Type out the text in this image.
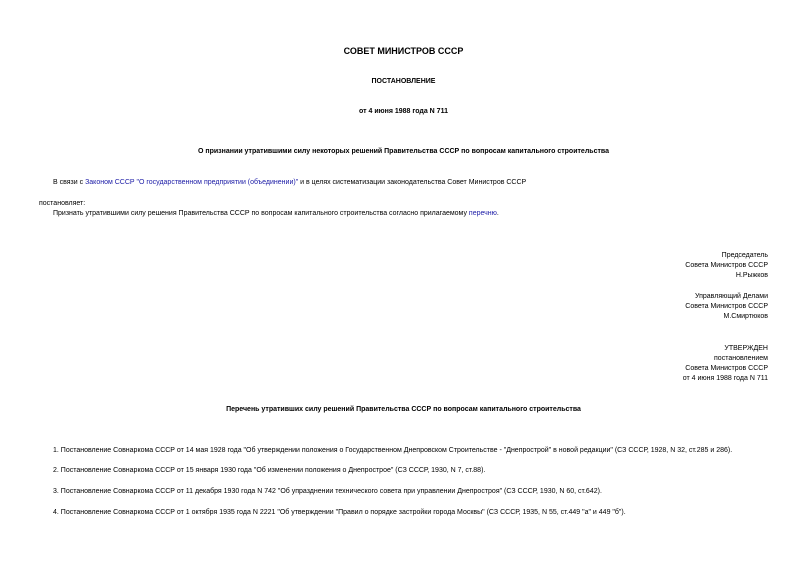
СОВЕТ МИНИСТРОВ СССР
ПОСТАНОВЛЕНИЕ
от 4 июня 1988 года N 711
О признании утратившими силу некоторых решений Правительства СССР по вопросам капитального строительства
В связи с Законом СССР "О государственном предприятии (объединении)" и в целях систематизации законодательства Совет Министров СССР
постановляет:
Признать утратившими силу решения Правительства СССР по вопросам капитального строительства согласно прилагаемому перечню.
Председатель
Совета Министров СССР
Н.Рыжков
Управляющий Делами
Совета Министров СССР
М.Смиртюков
УТВЕРЖДЕН
постановлением
Совета Министров СССР
от 4 июня 1988 года N 711
Перечень утративших силу решений Правительства СССР по вопросам капитального строительства
1. Постановление Совнаркома СССР от 14 мая 1928 года "Об утверждении положения о Государственном Днепровском Строительстве - "Днепрострой" в новой редакции" (СЗ СССР, 1928, N 32, ст.285 и 286).
2. Постановление Совнаркома СССР от 15 января 1930 года "Об изменении положения о Днепрострое" (СЗ СССР, 1930, N 7, ст.88).
3. Постановление Совнаркома СССР от 11 декабря 1930 года N 742 "Об упразднении технического совета при управлении Днепростроя" (СЗ СССР, 1930, N 60, ст.642).
4. Постановление Совнаркома СССР от 1 октября 1935 года N 2221 "Об утверждении "Правил о порядке застройки города Москвы" (СЗ СССР, 1935, N 55, ст.449 "а" и 449 "б").
